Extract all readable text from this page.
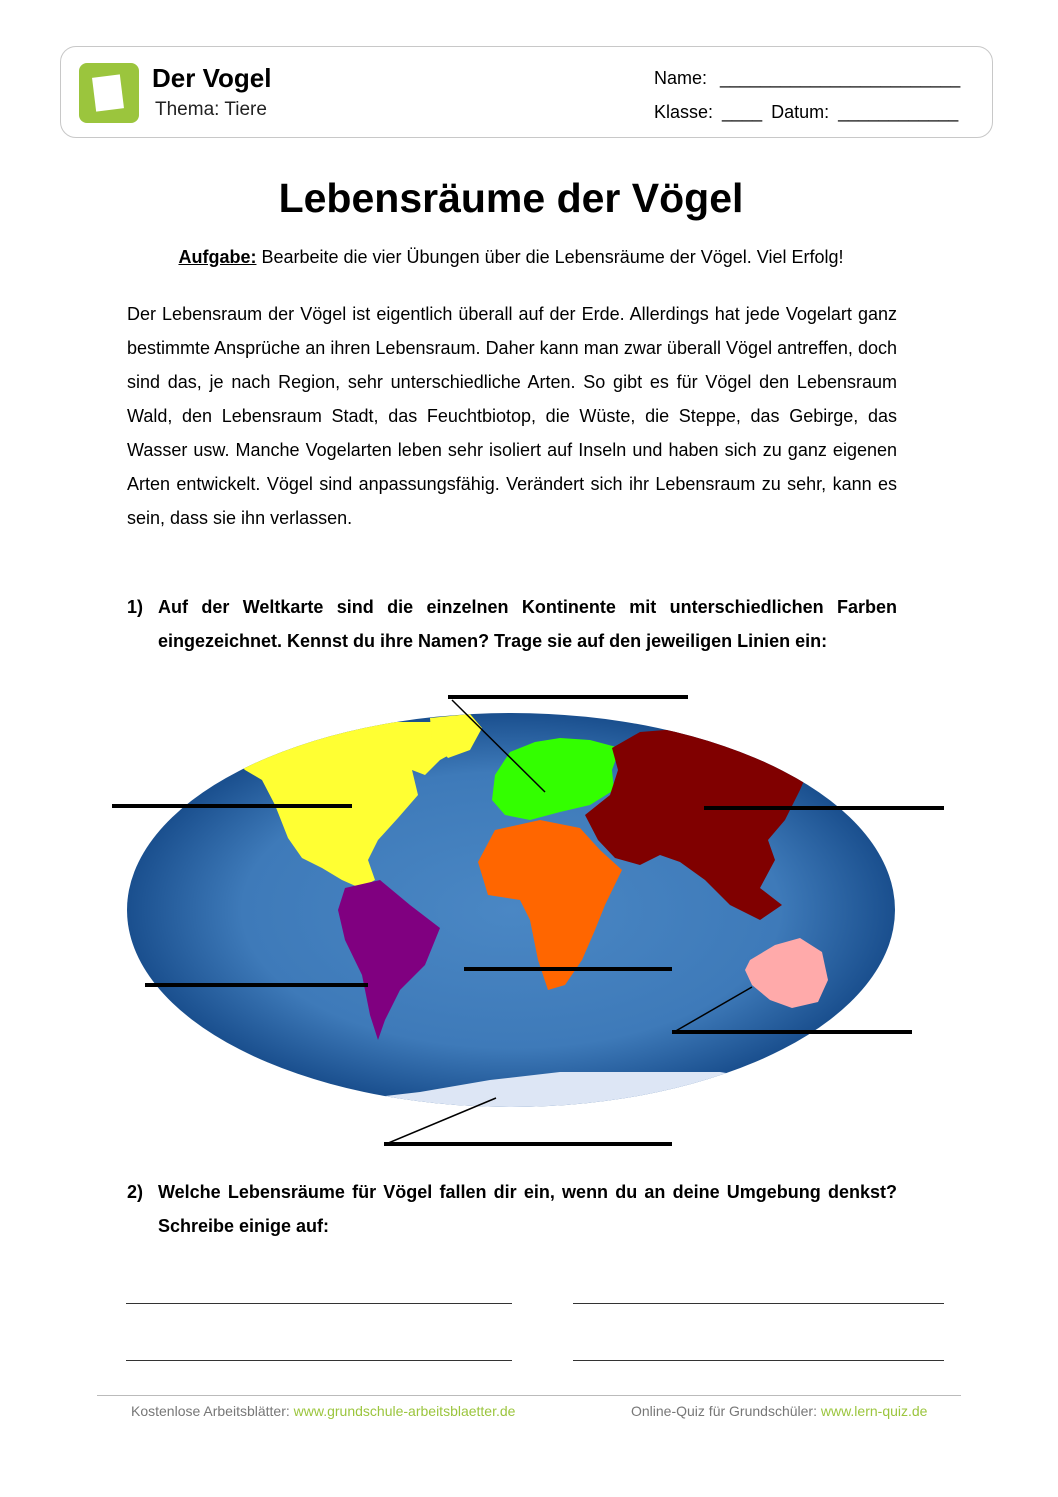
Der Vogel
Thema: Tiere
Name: ________________________
Klasse: ____ Datum: ____________
Lebensräume der Vögel
Aufgabe: Bearbeite die vier Übungen über die Lebensräume der Vögel. Viel Erfolg!

Der Lebensraum der Vögel ist eigentlich überall auf der Erde. Allerdings hat jede Vogelart ganz bestimmte Ansprüche an ihren Lebensraum. Daher kann man zwar überall Vögel antreffen, doch sind das, je nach Region, sehr unterschiedliche Arten. So gibt es für Vögel den Lebensraum Wald, den Lebensraum Stadt, das Feuchtbiotop, die Wüste, die Steppe, das Gebirge, das Wasser usw. Manche Vogelarten leben sehr isoliert auf Inseln und haben sich zu ganz eigenen Arten entwickelt. Vögel sind anpassungsfähig. Verändert sich ihr Lebensraum zu sehr, kann es sein, dass sie ihn verlassen.

1) Auf der Weltkarte sind die einzelnen Kontinente mit unterschiedlichen Farben eingezeichnet. Kennst du ihre Namen? Trage sie auf den jeweiligen Linien ein:
2) Welche Lebensräume für Vögel fallen dir ein, wenn du an deine Umgebung denkst? Schreibe einige auf:
Kostenlose Arbeitsblätter: www.grundschule-arbeitsblaetter.de	Online-Quiz für Grundschüler: www.lern-quiz.de
